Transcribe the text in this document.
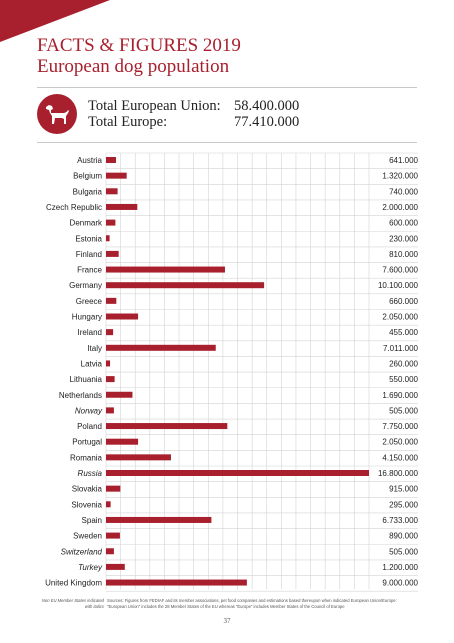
FACTS & FIGURES 2019
European dog population
Total European Union: 58.400.000
Total Europe:	77.410.000
Austria	641.000
Belgium	1.320.000
Bulgaria	740.000
Czech Republic	2.000.000
Denmark	600.000
Estonia	230.000
Finland	810.000
France	7.600.000
Germany	10.100.000
Greece	660.000
Hungary	2.050.000
Ireland	455.000
Italy	7.011.000
Latvia	260.000
Lithuania	550.000
Netherlands	1.690.000
Norway	505.000
Poland	7.750.000
Portugal	2.050.000
Romania	4.150.000
Russia	16.800.000
Slovakia	915.000
Slovenia	295.000
Spain	6.733.000
Sweden	890.000
Switzerland	505.000
Turkey	1.200.000
United Kingdom	9.000.000
Non EU Member States indicated with italics
Sources: Figures from FEDIAF and its member associations, pet food companies and estimations based thereupon when indicated European Union/Europe: "European Union" includes the 28 Member States of the EU whereas "Europe" includes Member States of the Council of Europe
37
